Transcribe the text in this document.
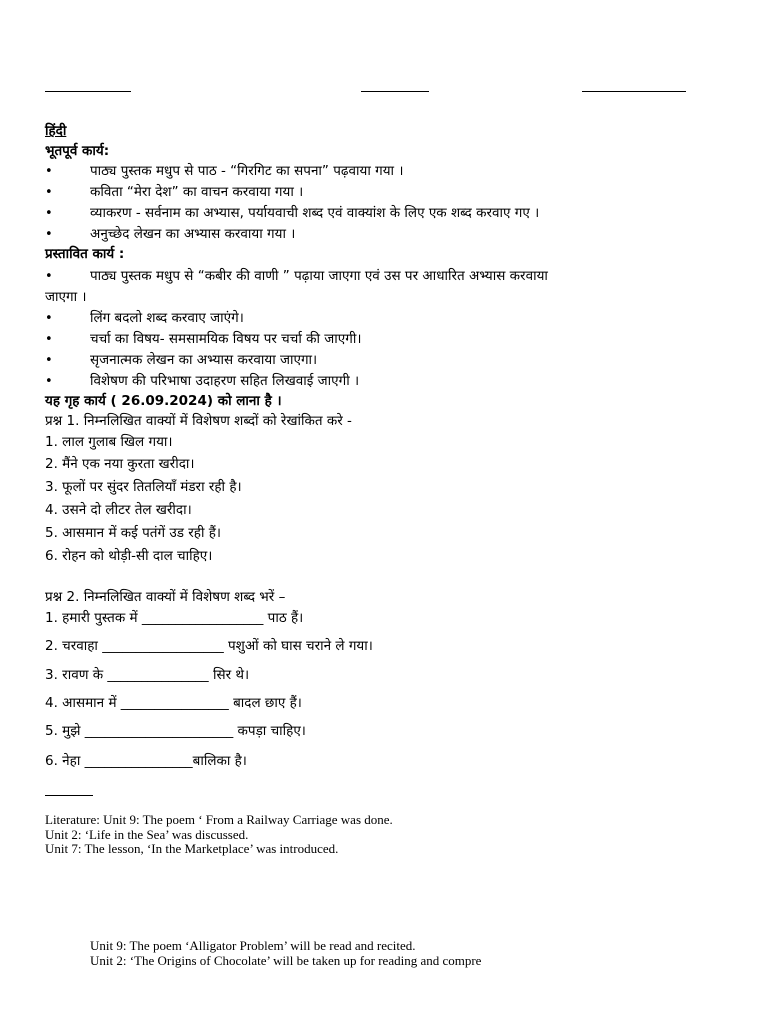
हिंदी
भूतपूर्व कार्य:
•	पाठ्य पुस्तक मधुप से पाठ - “गिरगिट का सपना” पढ़वाया गया ।
•	कविता “मेरा देश” का वाचन करवाया गया ।
•	व्याकरण - सर्वनाम का अभ्यास, पर्यायवाची शब्द एवं वाक्यांश के लिए एक शब्द करवाए गए ।
•	अनुच्छेद लेखन का अभ्यास करवाया गया ।
प्रस्तावित कार्य :
•	पाठ्य पुस्तक मधुप से “कबीर की वाणी ” पढ़ाया जाएगा एवं उस पर आधारित अभ्यास करवाया
जाएगा ।
•	लिंग बदलो शब्द करवाए जाएंगे।
•	चर्चा का विषय- समसामयिक विषय पर चर्चा की जाएगी।
•	सृजनात्मक लेखन का अभ्यास करवाया जाएगा।
•	विशेषण की परिभाषा उदाहरण सहित लिखवाई जाएगी ।
यह गृह कार्य ( 26.09.2024) को लाना है ।
प्रश्न 1. निम्नलिखित वाक्यों में विशेषण शब्दों को रेखांकित करे -
1. लाल गुलाब खिल गया।
2. मैंने एक नया कुरता खरीदा।
3. फूलों पर सुंदर तितलियाँ मंडरा रही है।
4. उसने दो लीटर तेल खरीदा।
5. आसमान में कई पतंगें उड रही हैं।
6. रोहन को थोड़ी-सी दाल चाहिए।
प्रश्न 2. निम्नलिखित वाक्यों में विशेषण शब्द भरें –
1. हमारी पुस्तक में __________________ पाठ हैं।
2. चरवाहा __________________ पशुओं को घास चराने ले गया।
3. रावण के _______________ सिर थे।
4. आसमान में ________________ बादल छाए हैं।
5. मुझे ______________________ कपड़ा चाहिए।
6. नेहा ________________बालिका है।
Literature: Unit 9: The poem ‘ From a Railway Carriage was done.
Unit 2: ‘Life in the Sea’ was discussed.
Unit 7: The lesson, ‘In the Marketplace’ was introduced.
Unit 9: The poem ‘Alligator Problem’ will be read and recited.
Unit 2: ‘The Origins of Chocolate’ will be taken up for reading and compre
